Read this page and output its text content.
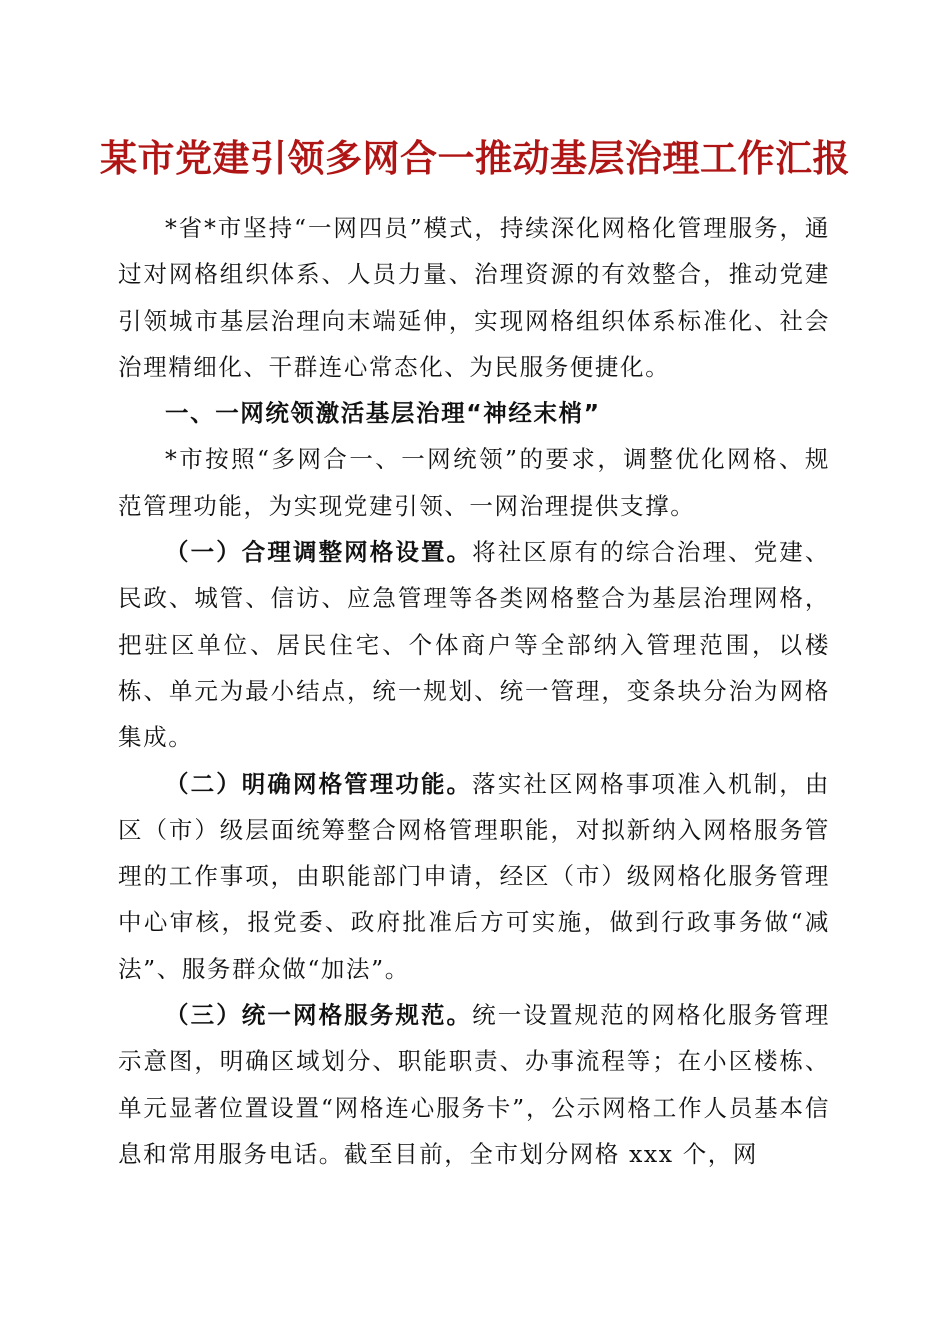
某市党建引领多网合一推动基层治理工作汇报

*省*市坚持“一网四员”模式，持续深化网格化管理服务，通过对网格组织体系、人员力量、治理资源的有效整合，推动党建引领城市基层治理向末端延伸，实现网格组织体系标准化、社会治理精细化、干群连心常态化、为民服务便捷化。

一、一网统领激活基层治理“神经末梢”

*市按照“多网合一、一网统领”的要求，调整优化网格、规范管理功能，为实现党建引领、一网治理提供支撑。

（一）合理调整网格设置。将社区原有的综合治理、党建、民政、城管、信访、应急管理等各类网格整合为基层治理网格，把驻区单位、居民住宅、个体商户等全部纳入管理范围，以楼栋、单元为最小结点，统一规划、统一管理，变条块分治为网格集成。

（二）明确网格管理功能。落实社区网格事项准入机制，由区（市）级层面统筹整合网格管理职能，对拟新纳入网格服务管理的工作事项，由职能部门申请，经区（市）级网格化服务管理中心审核，报党委、政府批准后方可实施，做到行政事务做“减法”、服务群众做“加法”。

（三）统一网格服务规范。统一设置规范的网格化服务管理示意图，明确区域划分、职能职责、办事流程等；在小区楼栋、单元显著位置设置“网格连心服务卡”，公示网格工作人员基本信息和常用服务电话。截至目前，全市划分网格 xxx 个，网
